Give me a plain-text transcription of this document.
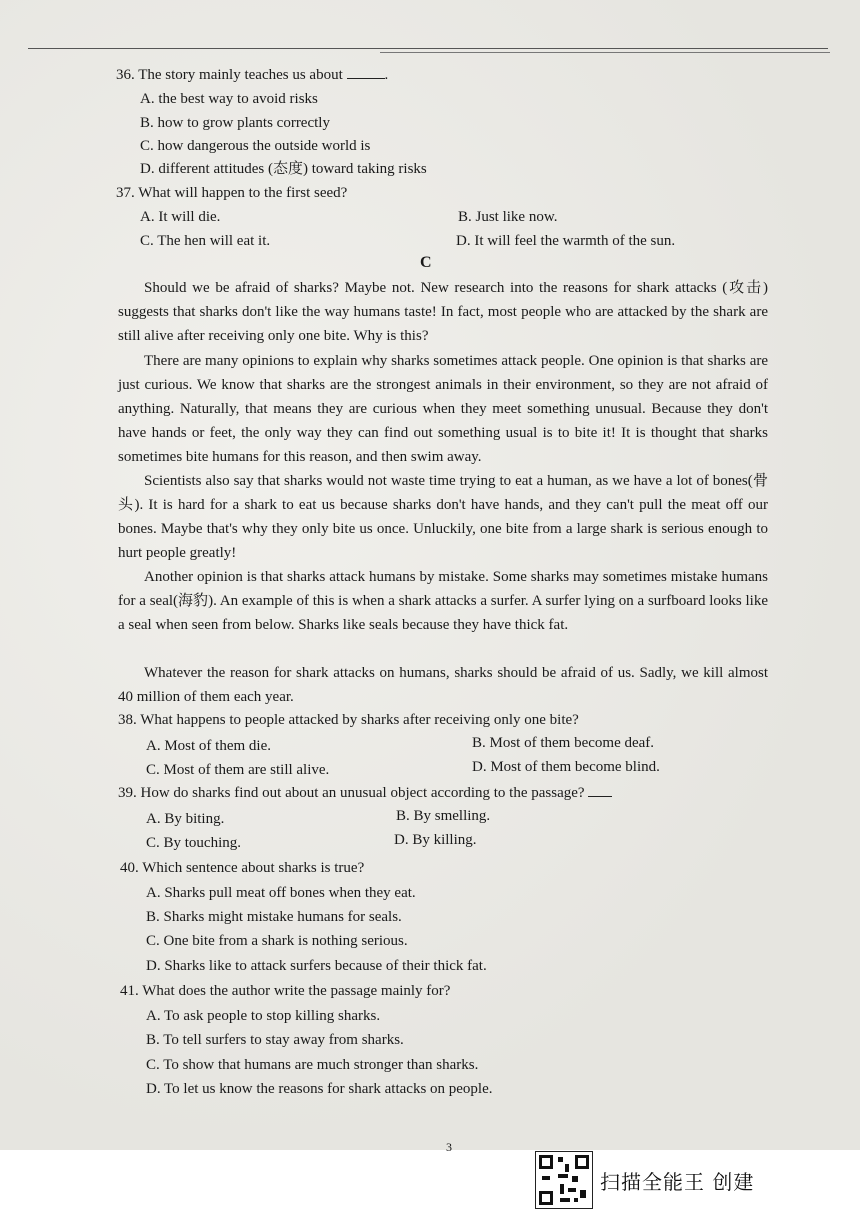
36. The story mainly teaches us about	.
A. the best way to avoid risks
B. how to grow plants correctly
C. how dangerous the outside world is
D. different attitudes (态度) toward taking risks
37. What will happen to the first seed?
A. It will die.	B. Just like now.
C. The hen will eat it.	D. It will feel the warmth of the sun.
C
Should we be afraid of sharks? Maybe not. New research into the reasons for shark attacks (攻击) suggests that sharks don't like the way humans taste! In fact, most people who are attacked by the shark are still alive after receiving only one bite. Why is this?
There are many opinions to explain why sharks sometimes attack people. One opinion is that sharks are just curious. We know that sharks are the strongest animals in their environment, so they are not afraid of anything. Naturally, that means they are curious when they meet something unusual. Because they don't have hands or feet, the only way they can find out something usual is to bite it! It is thought that sharks sometimes bite humans for this reason, and then swim away.
Scientists also say that sharks would not waste time trying to eat a human, as we have a lot of bones(骨头). It is hard for a shark to eat us because sharks don't have hands, and they can't pull the meat off our bones. Maybe that's why they only bite us once. Unluckily, one bite from a large shark is serious enough to hurt people greatly!
Another opinion is that sharks attack humans by mistake. Some sharks may sometimes mistake humans for a seal(海豹). An example of this is when a shark attacks a surfer. A surfer lying on a surfboard looks like a seal when seen from below. Sharks like seals because they have thick fat.
Whatever the reason for shark attacks on humans, sharks should be afraid of us. Sadly, we kill almost 40 million of them each year.
38. What happens to people attacked by sharks after receiving only one bite?
A. Most of them die.	B. Most of them become deaf.
C. Most of them are still alive.	D. Most of them become blind.
39. How do sharks find out about an unusual object according to the passage?
A. By biting.	B. By smelling.
C. By touching.	D. By killing.
40. Which sentence about sharks is true?
A. Sharks pull meat off bones when they eat.
B. Sharks might mistake humans for seals.
C. One bite from a shark is nothing serious.
D. Sharks like to attack surfers because of their thick fat.
41. What does the author write the passage mainly for?
A. To ask people to stop killing sharks.
B. To tell surfers to stay away from sharks.
C. To show that humans are much stronger than sharks.
D. To let us know the reasons for shark attacks on people.
3
扫描全能王 创建
